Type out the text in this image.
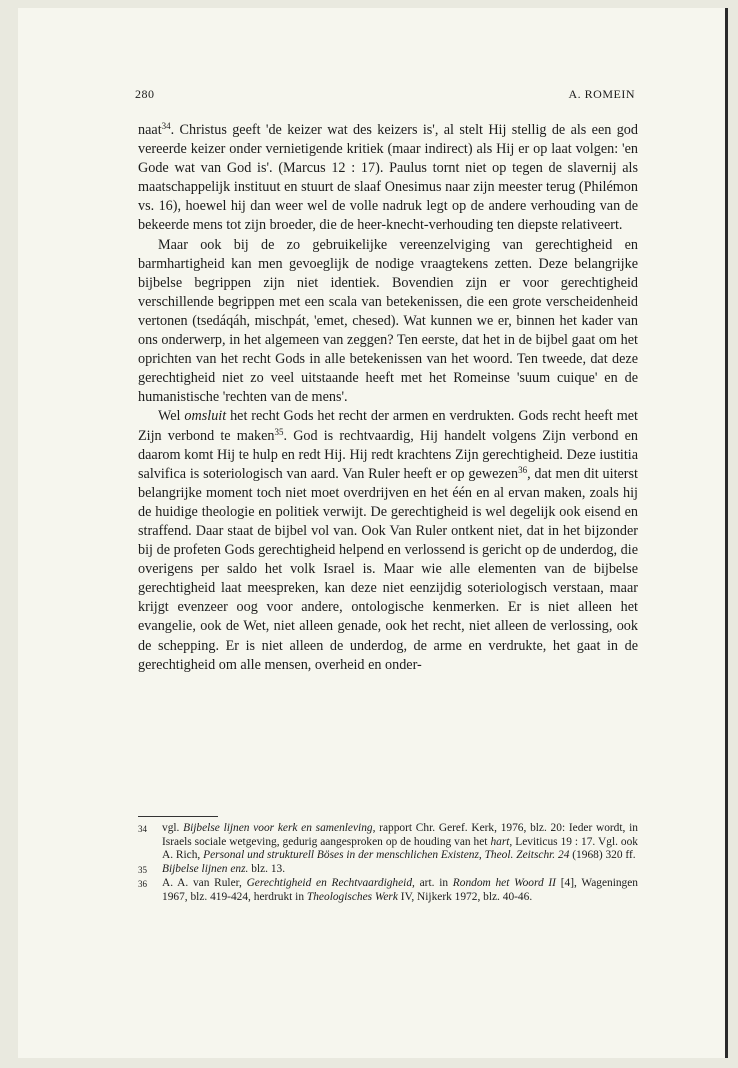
280	A. ROMEIN

naat$^{34}$. Christus geeft 'de keizer wat des keizers is', al stelt Hij stellig de als een god vereerde keizer onder vernietigende kritiek (maar indirect) als Hij er op laat volgen: 'en Gode wat van God is'. (Marcus 12 : 17). Paulus tornt niet op tegen de slavernij als maatschappelijk instituut en stuurt de slaaf Onesimus naar zijn meester terug (Philémon vs. 16), hoewel hij dan weer wel de volle nadruk legt op de andere verhouding van de bekeerde mens tot zijn broeder, die de heer-knecht-verhouding ten diepste relativeert.

Maar ook bij de zo gebruikelijke vereenzelviging van gerechtigheid en barmhartigheid kan men gevoeglijk de nodige vraagtekens zetten. Deze belangrijke bijbelse begrippen zijn niet identiek. Bovendien zijn er voor gerechtigheid verschillende begrippen met een scala van betekenissen, die een grote verscheidenheid vertonen (tsedáqáh, mischpát, 'emet, chesed). Wat kunnen we er, binnen het kader van ons onderwerp, in het algemeen van zeggen? Ten eerste, dat het in de bijbel gaat om het oprichten van het recht Gods in alle betekenissen van het woord. Ten tweede, dat deze gerechtigheid niet zo veel uitstaande heeft met het Romeinse 'suum cuique' en de humanistische 'rechten van de mens'.

Wel omsluit het recht Gods het recht der armen en verdrukten. Gods recht heeft met Zijn verbond te maken$^{35}$. God is rechtvaardig, Hij handelt volgens Zijn verbond en daarom komt Hij te hulp en redt Hij. Hij redt krachtens Zijn gerechtigheid. Deze iustitia salvifica is soteriologisch van aard. Van Ruler heeft er op gewezen$^{36}$, dat men dit uiterst belangrijke moment toch niet moet overdrijven en het één en al ervan maken, zoals hij de huidige theologie en politiek verwijt. De gerechtigheid is wel degelijk ook eisend en straffend. Daar staat de bijbel vol van. Ook Van Ruler ontkent niet, dat in het bijzonder bij de profeten Gods gerechtigheid helpend en verlossend is gericht op de underdog, die overigens per saldo het volk Israel is. Maar wie alle elementen van de bijbelse gerechtigheid laat meespreken, kan deze niet eenzijdig soteriologisch verstaan, maar krijgt evenzeer oog voor andere, ontologische kenmerken. Er is niet alleen het evangelie, ook de Wet, niet alleen genade, ook het recht, niet alleen de verlossing, ook de schepping. Er is niet alleen de underdog, de arme en verdrukte, het gaat in de gerechtigheid om alle mensen, overheid en onder-

34	vgl. Bijbelse lijnen voor kerk en samenleving, rapport Chr. Geref. Kerk, 1976, blz. 20: Ieder wordt, in Israels sociale wetgeving, gedurig aangesproken op de houding van het hart, Leviticus 19 : 17. Vgl. ook A. Rich, Personal und strukturell Böses in der menschlichen Existenz, Theol. Zeitschr. 24 (1968) 320 ff.
35	Bijbelse lijnen enz. blz. 13.
36	A. A. van Ruler, Gerechtigheid en Rechtvaardigheid, art. in Rondom het Woord II [4], Wageningen 1967, blz. 419-424, herdrukt in Theologisches Werk IV, Nijkerk 1972, blz. 40-46.
